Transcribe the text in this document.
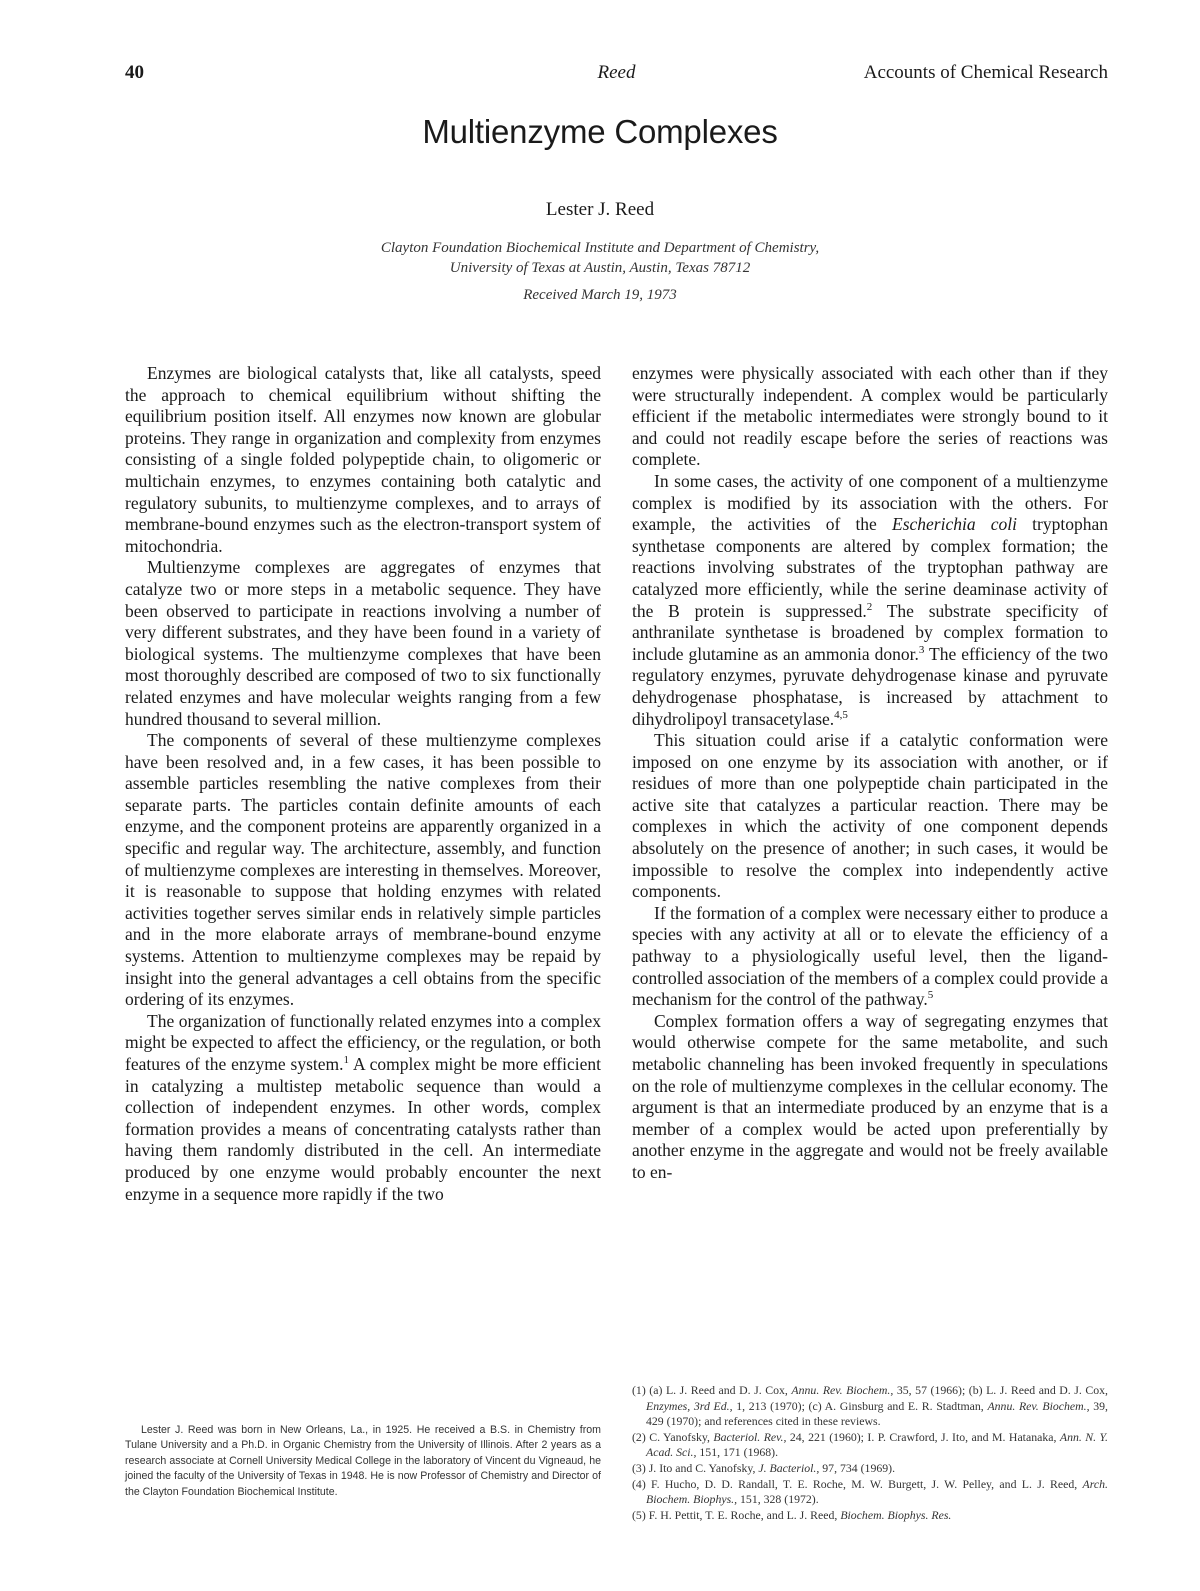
40	Reed	Accounts of Chemical Research
Multienzyme Complexes
Lester J. Reed
Clayton Foundation Biochemical Institute and Department of Chemistry,
University of Texas at Austin, Austin, Texas 78712
Received March 19, 1973

Enzymes are biological catalysts that, like all catalysts, speed the approach to chemical equilibrium without shifting the equilibrium position itself. All enzymes now known are globular proteins. They range in organization and complexity from enzymes consisting of a single folded polypeptide chain, to oligomeric or multichain enzymes, to enzymes containing both catalytic and regulatory subunits, to multienzyme complexes, and to arrays of membrane-bound enzymes such as the electron-transport system of mitochondria.

Multienzyme complexes are aggregates of enzymes that catalyze two or more steps in a metabolic sequence. They have been observed to participate in reactions involving a number of very different substrates, and they have been found in a variety of biological systems. The multienzyme complexes that have been most thoroughly described are composed of two to six functionally related enzymes and have molecular weights ranging from a few hundred thousand to several million.

The components of several of these multienzyme complexes have been resolved and, in a few cases, it has been possible to assemble particles resembling the native complexes from their separate parts. The particles contain definite amounts of each enzyme, and the component proteins are apparently organized in a specific and regular way. The architecture, assembly, and function of multienzyme complexes are interesting in themselves. Moreover, it is reasonable to suppose that holding enzymes with related activities together serves similar ends in relatively simple particles and in the more elaborate arrays of membrane-bound enzyme systems. Attention to multienzyme complexes may be repaid by insight into the general advantages a cell obtains from the specific ordering of its enzymes.

The organization of functionally related enzymes into a complex might be expected to affect the efficiency, or the regulation, or both features of the enzyme system.$^1$ A complex might be more efficient in catalyzing a multistep metabolic sequence than would a collection of independent enzymes. In other words, complex formation provides a means of concentrating catalysts rather than having them randomly distributed in the cell. An intermediate produced by one enzyme would probably encounter the next enzyme in a sequence more rapidly if the two

enzymes were physically associated with each other than if they were structurally independent. A complex would be particularly efficient if the metabolic intermediates were strongly bound to it and could not readily escape before the series of reactions was complete.

In some cases, the activity of one component of a multienzyme complex is modified by its association with the others. For example, the activities of the Escherichia coli tryptophan synthetase components are altered by complex formation; the reactions involving substrates of the tryptophan pathway are catalyzed more efficiently, while the serine deaminase activity of the B protein is suppressed.$^2$ The substrate specificity of anthranilate synthetase is broadened by complex formation to include glutamine as an ammonia donor.$^3$ The efficiency of the two regulatory enzymes, pyruvate dehydrogenase kinase and pyruvate dehydrogenase phosphatase, is increased by attachment to dihydrolipoyl transacetylase.$^{4,5}$

This situation could arise if a catalytic conformation were imposed on one enzyme by its association with another, or if residues of more than one polypeptide chain participated in the active site that catalyzes a particular reaction. There may be complexes in which the activity of one component depends absolutely on the presence of another; in such cases, it would be impossible to resolve the complex into independently active components.

If the formation of a complex were necessary either to produce a species with any activity at all or to elevate the efficiency of a pathway to a physiologically useful level, then the ligand-controlled association of the members of a complex could provide a mechanism for the control of the pathway.$^5$

Complex formation offers a way of segregating enzymes that would otherwise compete for the same metabolite, and such metabolic channeling has been invoked frequently in speculations on the role of multienzyme complexes in the cellular economy. The argument is that an intermediate produced by an enzyme that is a member of a complex would be acted upon preferentially by another enzyme in the aggregate and would not be freely available to en-

Lester J. Reed was born in New Orleans, La., in 1925. He received a B.S. in Chemistry from Tulane University and a Ph.D. in Organic Chemistry from the University of Illinois. After 2 years as a research associate at Cornell University Medical College in the laboratory of Vincent du Vigneaud, he joined the faculty of the University of Texas in 1948. He is now Professor of Chemistry and Director of the Clayton Foundation Biochemical Institute.

(1) (a) L. J. Reed and D. J. Cox, Annu. Rev. Biochem., 35, 57 (1966); (b) L. J. Reed and D. J. Cox, Enzymes, 3rd Ed., 1, 213 (1970); (c) A. Ginsburg and E. R. Stadtman, Annu. Rev. Biochem., 39, 429 (1970); and references cited in these reviews.

(2) C. Yanofsky, Bacteriol. Rev., 24, 221 (1960); I. P. Crawford, J. Ito, and M. Hatanaka, Ann. N. Y. Acad. Sci., 151, 171 (1968).

(3) J. Ito and C. Yanofsky, J. Bacteriol., 97, 734 (1969).

(4) F. Hucho, D. D. Randall, T. E. Roche, M. W. Burgett, J. W. Pelley, and L. J. Reed, Arch. Biochem. Biophys., 151, 328 (1972).

(5) F. H. Pettit, T. E. Roche, and L. J. Reed, Biochem. Biophys. Res.
